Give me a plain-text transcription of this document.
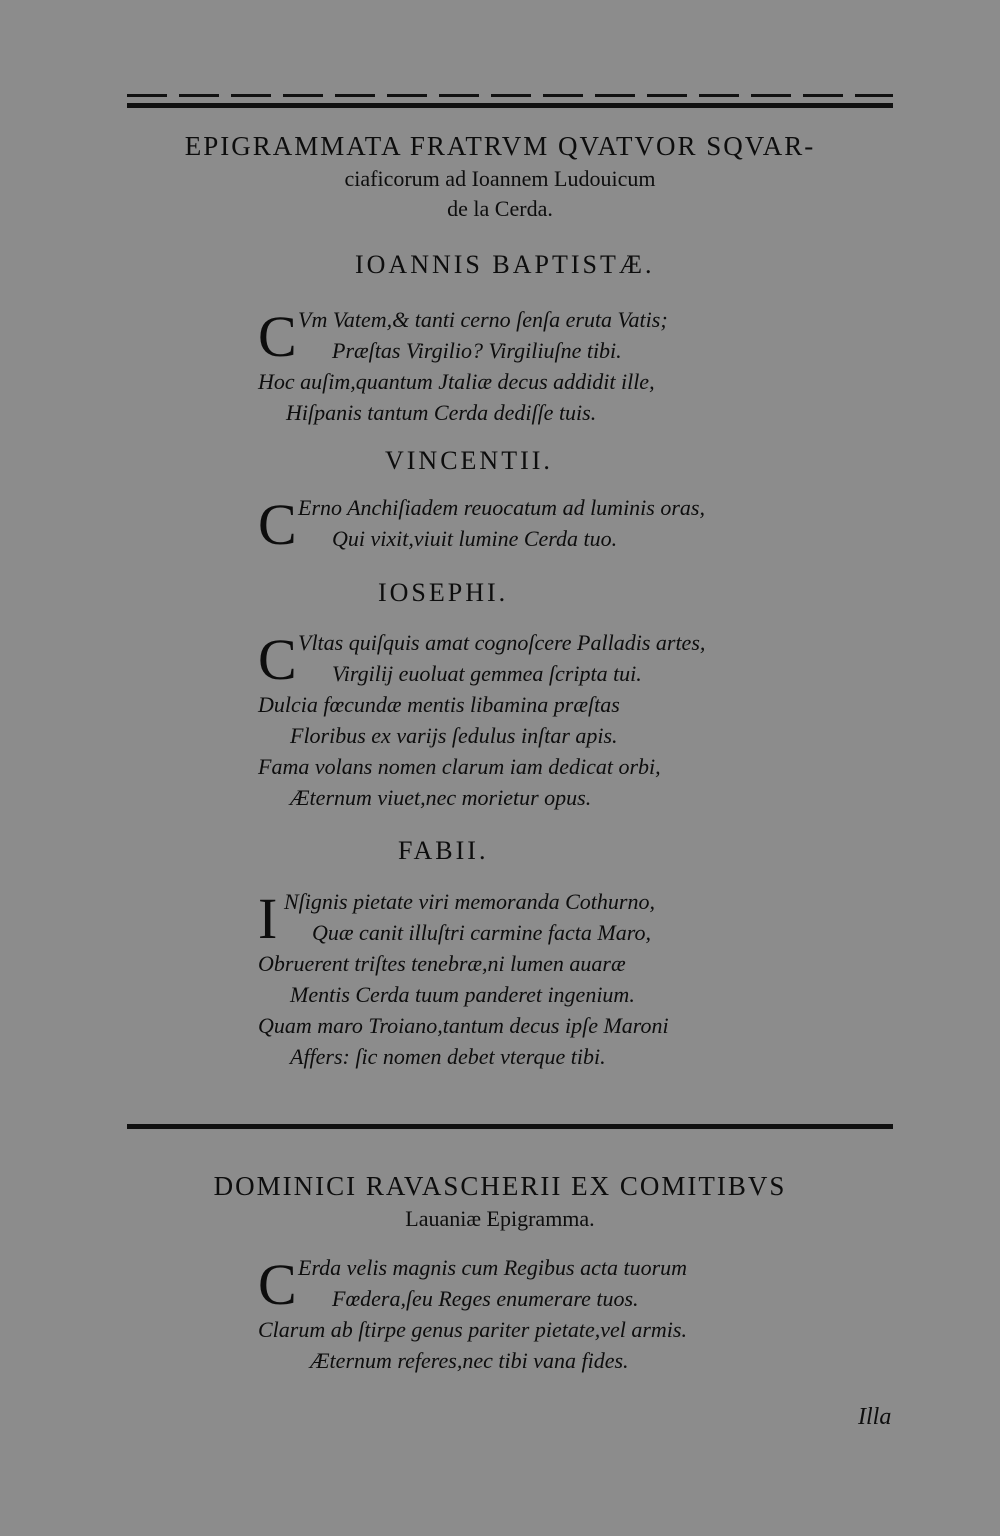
EPIGRAMMATA FRATRVM QVATVOR SQVAR-
ciaficorum ad Ioannem Ludouicum
de la Cerda.
IOANNIS BAPTISTÆ.
C Vm Vatem,& tanti cerno ſenſa eruta Vatis;
Præſtas Virgilio? Virgiliuſne tibi.
Hoc auſim,quantum Jtaliæ decus addidit ille,
Hiſpanis tantum Cerda dediſſe tuis.
VINCENTII.
C Erno Anchiſiadem reuocatum ad luminis oras,
Qui vixit,viuit lumine Cerda tuo.
IOSEPHI.
C Vltas quiſquis amat cognoſcere Palladis artes,
Virgilij euoluat gemmea ſcripta tui.
Dulcia fœcundæ mentis libamina præſtas
Floribus ex varijs ſedulus inſtar apis.
Fama volans nomen clarum iam dedicat orbi,
Æternum viuet,nec morietur opus.
FABII.
I Nſignis pietate viri memoranda Cothurno,
Quæ canit illuſtri carmine facta Maro,
Obruerent triſtes tenebræ,ni lumen auaræ
Mentis Cerda tuum panderet ingenium.
Quam maro Troiano,tantum decus ipſe Maroni
Affers: ſic nomen debet vterque tibi.
DOMINICI RAVASCHERII EX COMITIBVS
Lauaniæ Epigramma.
C Erda velis magnis cum Regibus acta tuorum
Fœdera,ſeu Reges enumerare tuos.
Clarum ab ſtirpe genus pariter pietate,vel armis.
Æternum referes,nec tibi vana fides.
Illa
